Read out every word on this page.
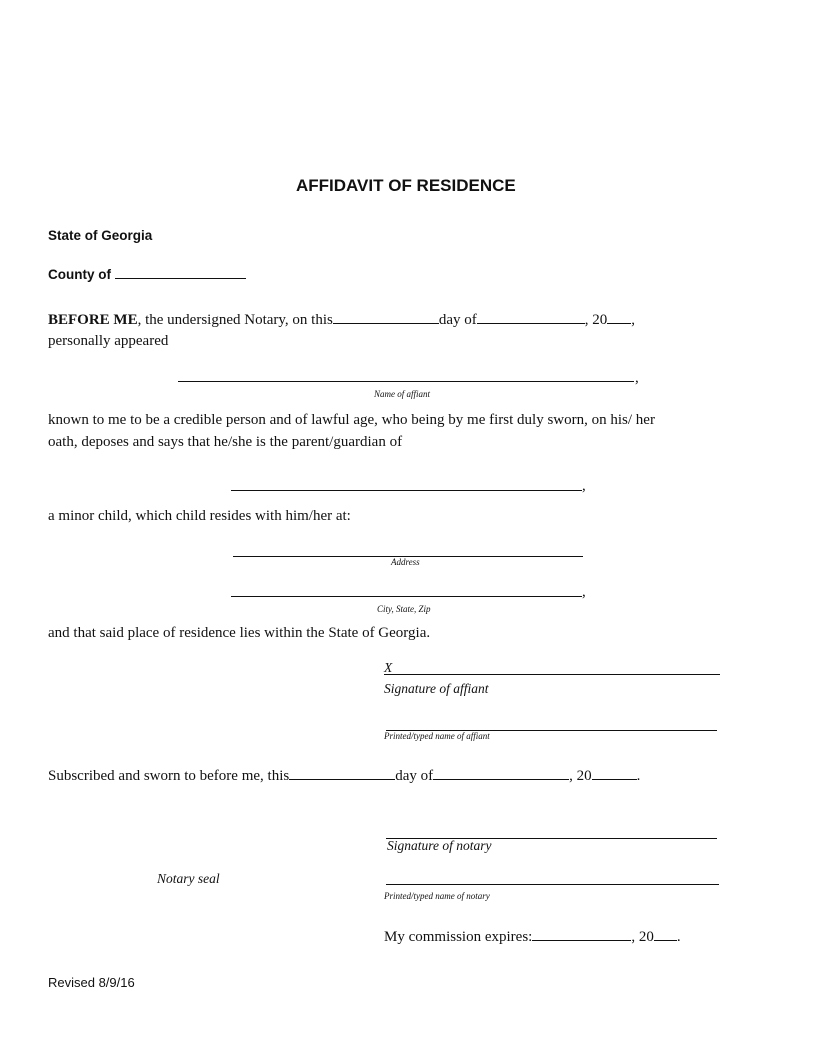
AFFIDAVIT OF RESIDENCE
State of Georgia
County of
BEFORE ME, the undersigned Notary, on this	day of	, 20 ,
personally appeared
,
Name of affiant
known to me to be a credible person and of lawful age, who being by me first duly sworn, on his/ her
oath, deposes and says that he/she is the parent/guardian of
,
a minor child, which child resides with him/her at:
Address
,
City, State, Zip
and that said place of residence lies within the State of Georgia.
X
Signature of affiant
Printed/typed name of affiant
Subscribed and sworn to before me, this	day of	, 20	.
Signature of notary
Notary seal
Printed/typed name of notary
My commission expires:	, 20 .
Revised 8/9/16
